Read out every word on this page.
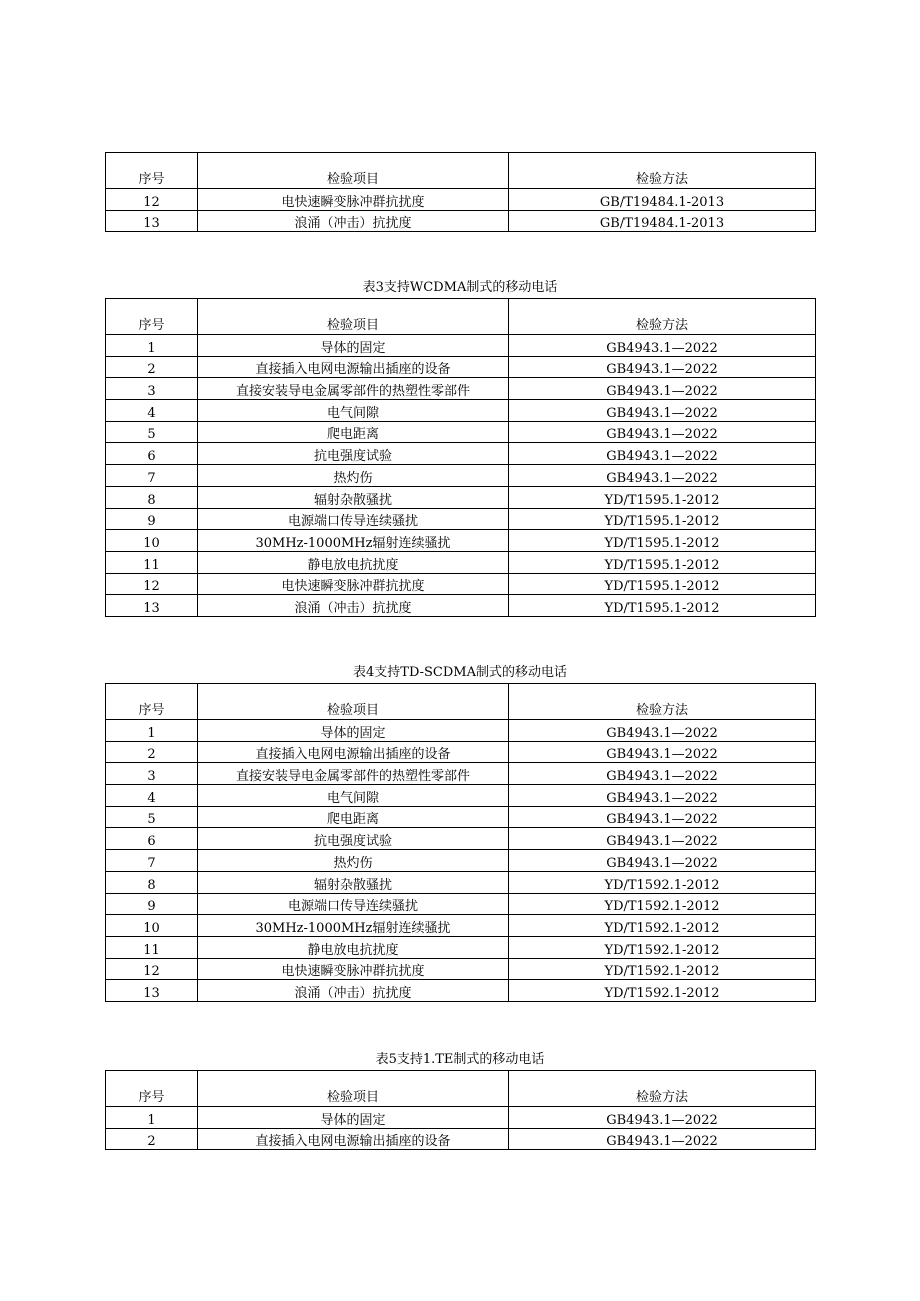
序号	检验项目	检验方法
12	电快速瞬变脉冲群抗扰度	GB/T19484.1-2013
13	浪涌（冲击）抗扰度	GB/T19484.1-2013
表3支持WCDMA制式的移动电话
序号	检验项目	检验方法
1	导体的固定	GB4943.1—2022
2	直接插入电网电源输出插座的设备	GB4943.1—2022
3	直接安装导电金属零部件的热塑性零部件	GB4943.1—2022
4	电气间隙	GB4943.1—2022
5	爬电距离	GB4943.1—2022
6	抗电强度试验	GB4943.1—2022
7	热灼伤	GB4943.1—2022
8	辐射杂散骚扰	YD/T1595.1-2012
9	电源端口传导连续骚扰	YD/T1595.1-2012
10	30MHz-1000MHz辐射连续骚扰	YD/T1595.1-2012
11	静电放电抗扰度	YD/T1595.1-2012
12	电快速瞬变脉冲群抗扰度	YD/T1595.1-2012
13	浪涌（冲击）抗扰度	YD/T1595.1-2012
表4支持TD-SCDMA制式的移动电话
序号	检验项目	检验方法
1	导体的固定	GB4943.1—2022
2	直接插入电网电源输出插座的设备	GB4943.1—2022
3	直接安装导电金属零部件的热塑性零部件	GB4943.1—2022
4	电气间隙	GB4943.1—2022
5	爬电距离	GB4943.1—2022
6	抗电强度试验	GB4943.1—2022
7	热灼伤	GB4943.1—2022
8	辐射杂散骚扰	YD/T1592.1-2012
9	电源端口传导连续骚扰	YD/T1592.1-2012
10	30MHz-1000MHz辐射连续骚扰	YD/T1592.1-2012
11	静电放电抗扰度	YD/T1592.1-2012
12	电快速瞬变脉冲群抗扰度	YD/T1592.1-2012
13	浪涌（冲击）抗扰度	YD/T1592.1-2012
表5支持1.TE制式的移动电话
序号	检验项目	检验方法
1	导体的固定	GB4943.1—2022
2	直接插入电网电源输出插座的设备	GB4943.1—2022
